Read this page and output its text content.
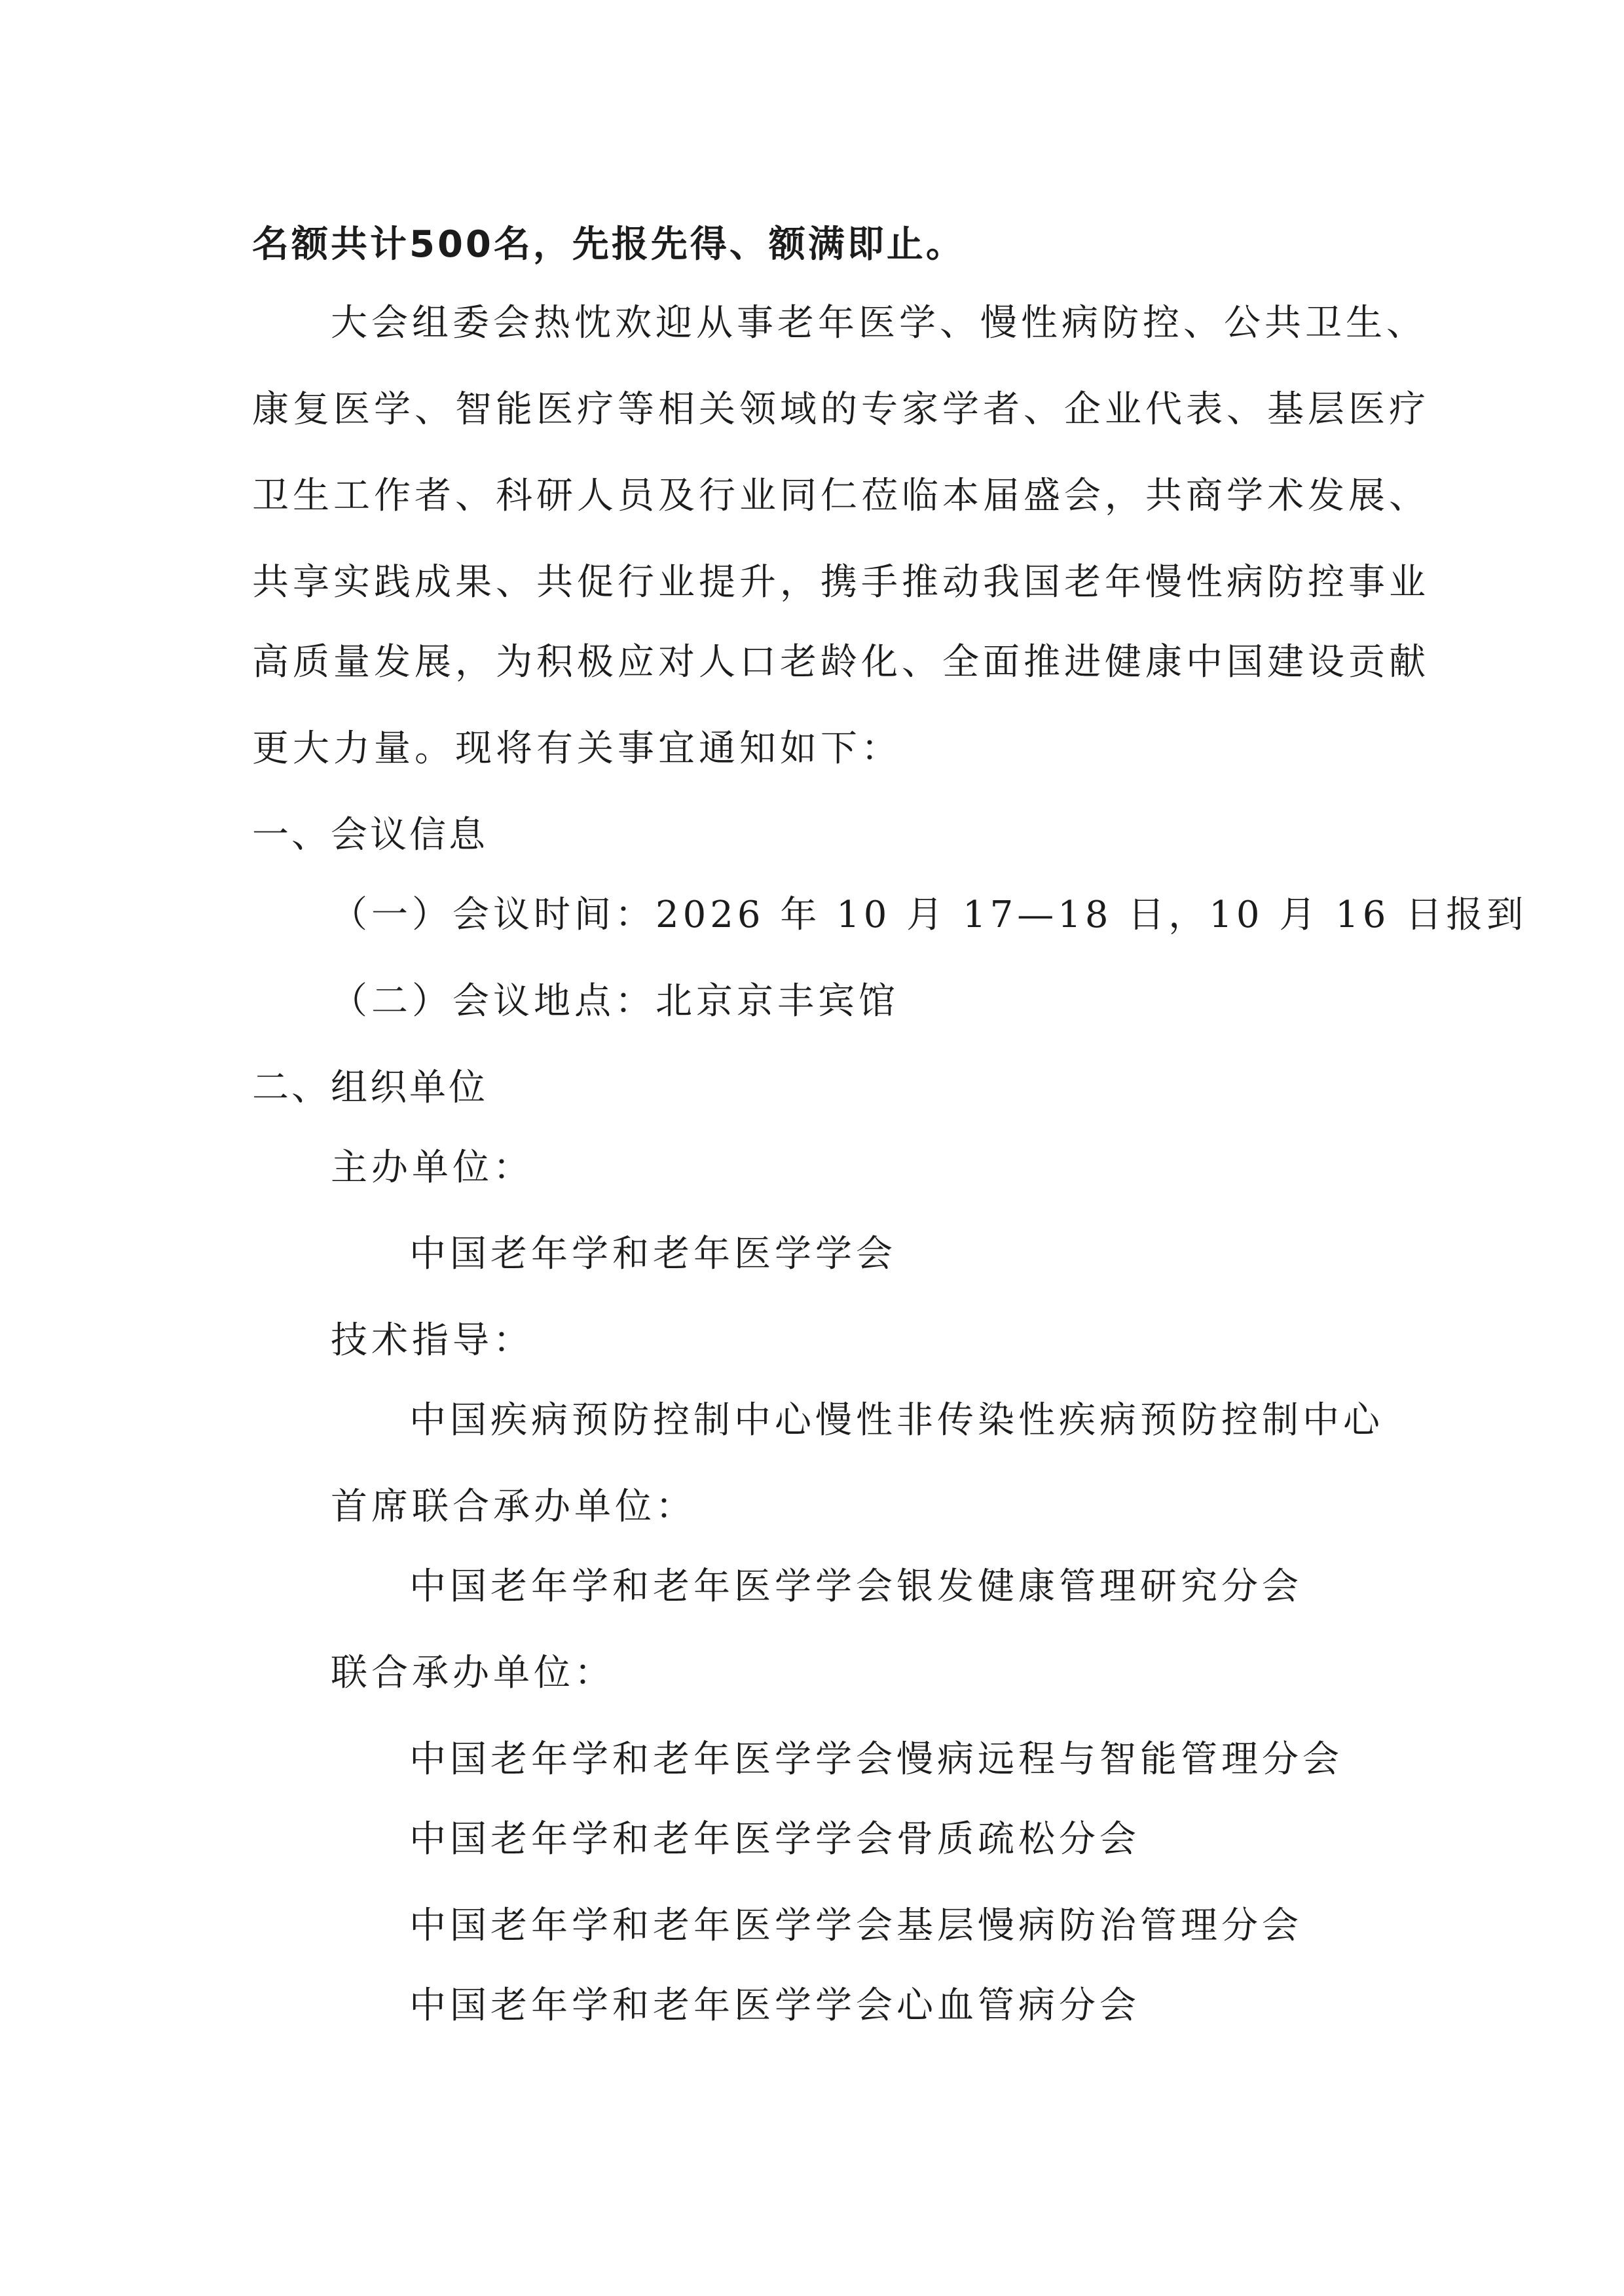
名额共计500名，先报先得、额满即止。
大会组委会热忱欢迎从事老年医学、慢性病防控、公共卫生、
康复医学、智能医疗等相关领域的专家学者、企业代表、基层医疗
卫生工作者、科研人员及行业同仁莅临本届盛会，共商学术发展、
共享实践成果、共促行业提升，携手推动我国老年慢性病防控事业
高质量发展，为积极应对人口老龄化、全面推进健康中国建设贡献
更大力量。现将有关事宜通知如下：
一、会议信息
（一）会议时间：2026 年 10 月 17—18 日，10 月 16 日报到
（二）会议地点：北京京丰宾馆
二、组织单位
主办单位：
中国老年学和老年医学学会
技术指导：
中国疾病预防控制中心慢性非传染性疾病预防控制中心
首席联合承办单位：
中国老年学和老年医学学会银发健康管理研究分会
联合承办单位：
中国老年学和老年医学学会慢病远程与智能管理分会
中国老年学和老年医学学会骨质疏松分会
中国老年学和老年医学学会基层慢病防治管理分会
中国老年学和老年医学学会心血管病分会
